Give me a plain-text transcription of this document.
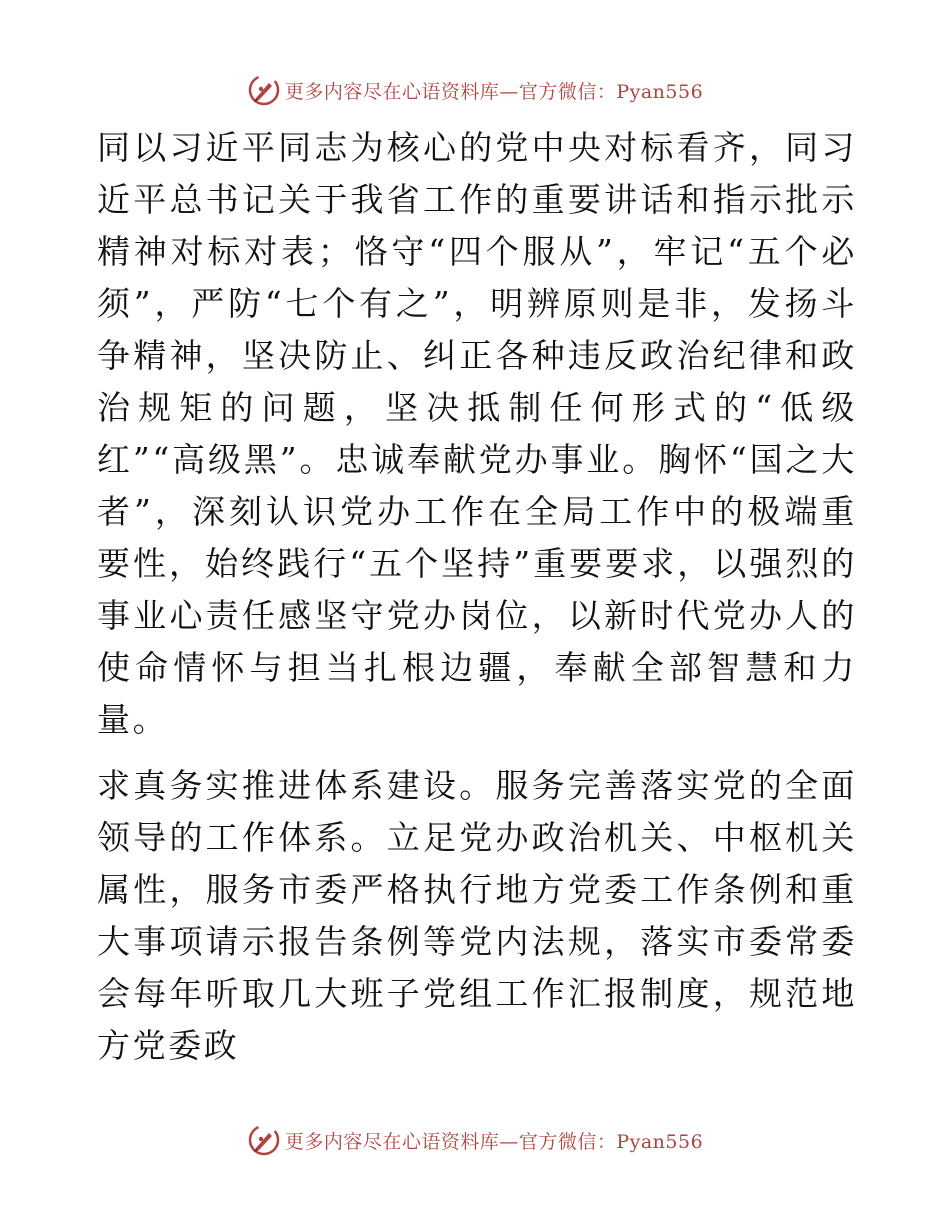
更多内容尽在心语资料库—官方微信：Pyan556

同以习近平同志为核心的党中央对标看齐，同习近平总书记关于我省工作的重要讲话和指示批示精神对标对表；恪守“四个服从”，牢记“五个必须”，严防“七个有之”，明辨原则是非，发扬斗争精神，坚决防止、纠正各种违反政治纪律和政治规矩的问题，坚决抵制任何形式的“低级红”“高级黑”。忠诚奉献党办事业。胸怀“国之大者”，深刻认识党办工作在全局工作中的极端重要性，始终践行“五个坚持”重要要求，以强烈的事业心责任感坚守党办岗位，以新时代党办人的使命情怀与担当扎根边疆，奉献全部智慧和力量。

求真务实推进体系建设。服务完善落实党的全面领导的工作体系。立足党办政治机关、中枢机关属性，服务市委严格执行地方党委工作条例和重大事项请示报告条例等党内法规，落实市委常委会每年听取几大班子党组工作汇报制度，规范地方党委政

更多内容尽在心语资料库—官方微信：Pyan556
